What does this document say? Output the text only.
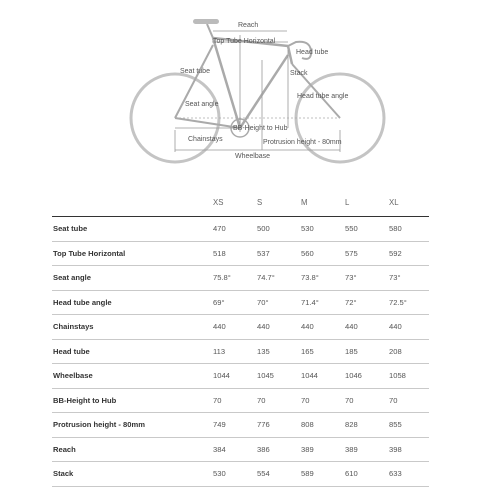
Reach
Top Tube Horizontal
Head tube
Seat tube	Stack
Head tube angle
Seat angle
BB-Height to Hub
Chainstays	Protrusion height - 80mm
Wheelbase
XS	S	M	L	XL
Seat tube	470	500	530	550	580
Top Tube Horizontal	518	537	560	575	592
Seat angle	75.8°	74.7°	73.8°	73°	73°
Head tube angle	69°	70°	71.4°	72°	72.5°
Chainstays	440	440	440	440	440
Head tube	113	135	165	185	208
Wheelbase	1044	1045	1044	1046	1058
BB-Height to Hub	70	70	70	70	70
Protrusion height - 80mm	749	776	808	828	855
Reach	384	386	389	389	398
Stack	530	554	589	610	633
